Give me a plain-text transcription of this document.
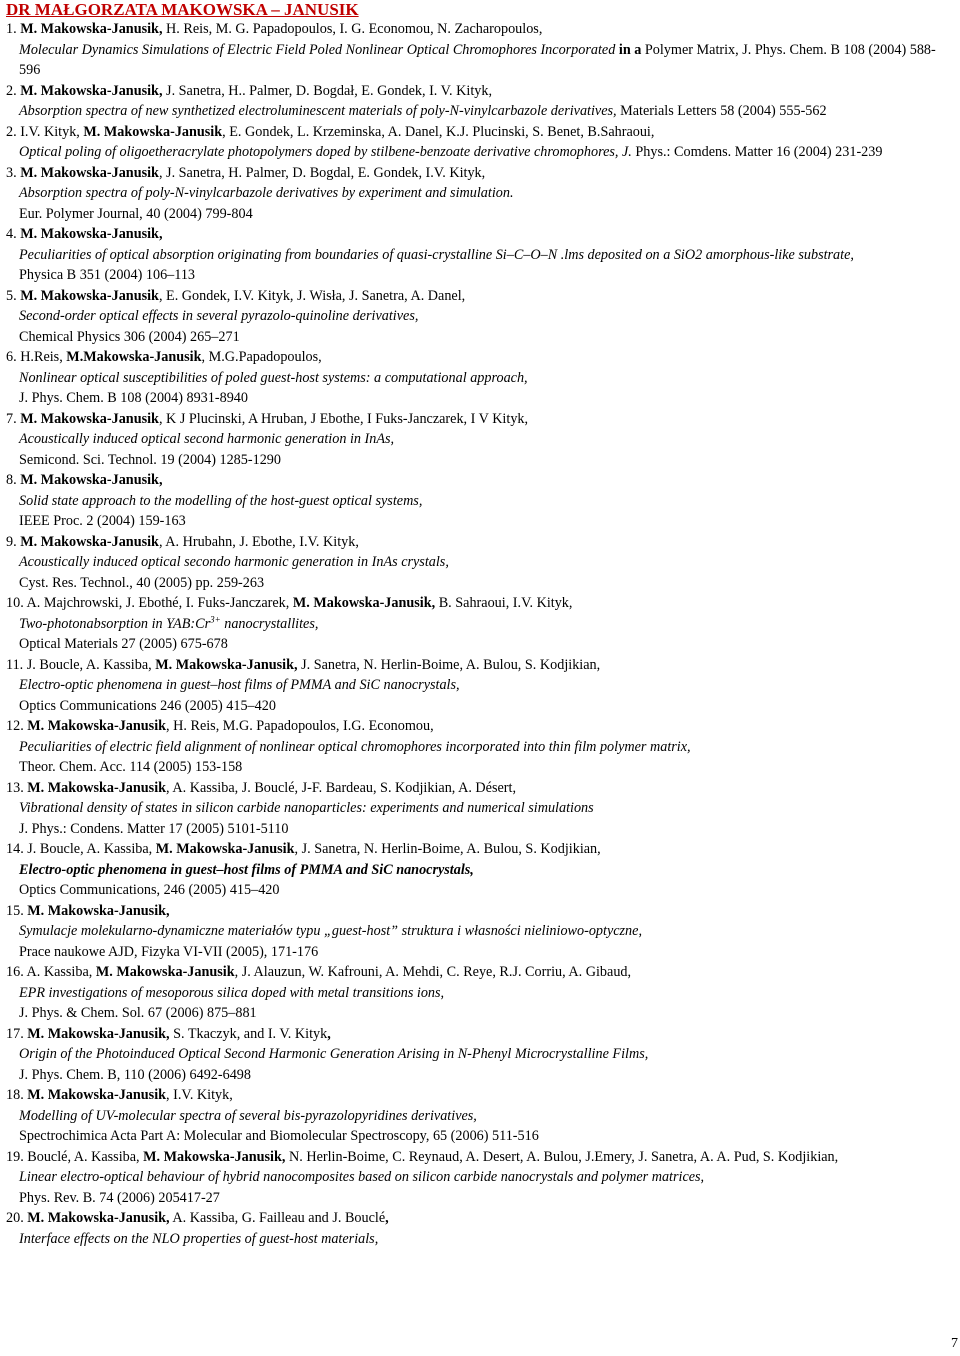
DR MAŁGORZATA MAKOWSKA – JANUSIK
1. M. Makowska-Janusik, H. Reis, M. G. Papadopoulos, I. G. Economou, N. Zacharopoulos,
Molecular Dynamics Simulations of Electric Field Poled Nonlinear Optical Chromophores Incorporated in a Polymer Matrix, J. Phys. Chem. B 108 (2004) 588-596
2. M. Makowska-Janusik, J. Sanetra, H.. Palmer, D. Bogdał, E. Gondek, I. V. Kityk,
Absorption spectra of new synthetized electroluminescent materials of poly-N-vinylcarbazole derivatives, Materials Letters 58 (2004) 555-562
2. I.V. Kityk, M. Makowska-Janusik, E. Gondek, L. Krzeminska, A. Danel, K.J. Plucinski, S. Benet, B.Sahraoui,
Optical poling of oligoetheracrylate photopolymers doped by stilbene-benzoate derivative chromophores, J. Phys.: Comdens. Matter 16 (2004) 231-239
3. M. Makowska-Janusik, J. Sanetra, H. Palmer, D. Bogdal, E. Gondek, I.V. Kityk,
Absorption spectra of poly-N-vinylcarbazole derivatives by experiment and simulation.
Eur. Polymer Journal, 40 (2004) 799-804
4. M. Makowska-Janusik,
Peculiarities of optical absorption originating from boundaries of quasi-crystalline Si–C–O–N .lms deposited on a SiO2 amorphous-like substrate,
Physica B 351 (2004) 106–113
5. M. Makowska-Janusik, E. Gondek, I.V. Kityk, J. Wisła, J. Sanetra, A. Danel,
Second-order optical effects in several pyrazolo-quinoline derivatives,
Chemical Physics 306 (2004) 265–271
6. H.Reis, M.Makowska-Janusik, M.G.Papadopoulos,
Nonlinear optical susceptibilities of poled guest-host systems: a computational approach,
J. Phys. Chem. B 108 (2004) 8931-8940
7. M. Makowska-Janusik, K J Plucinski, A Hruban, J Ebothe, I Fuks-Janczarek, I V Kityk,
Acoustically induced optical second harmonic generation in InAs,
Semicond. Sci. Technol. 19 (2004) 1285-1290
8. M. Makowska-Janusik,
Solid state approach to the modelling of the host-guest optical systems,
IEEE Proc. 2 (2004) 159-163
9. M. Makowska-Janusik, A. Hrubahn, J. Ebothe, I.V. Kityk,
Acoustically induced optical secondo harmonic generation in InAs crystals,
Cyst. Res. Technol., 40 (2005) pp. 259-263
10. A. Majchrowski, J. Ebothé, I. Fuks-Janczarek, M. Makowska-Janusik, B. Sahraoui, I.V. Kityk,
Two-photonabsorption in $YAB:Cr^{3+}$ nanocrystallites,
Optical Materials 27 (2005) 675-678
11. J. Boucle, A. Kassiba, M. Makowska-Janusik, J. Sanetra, N. Herlin-Boime, A. Bulou, S. Kodjikian,
Electro-optic phenomena in guest–host films of PMMA and SiC nanocrystals,
Optics Communications 246 (2005) 415–420
12. M. Makowska-Janusik, H. Reis, M.G. Papadopoulos, I.G. Economou,
Peculiarities of electric field alignment of nonlinear optical chromophores incorporated into thin film polymer matrix,
Theor. Chem. Acc. 114 (2005) 153-158
13. M. Makowska-Janusik, A. Kassiba, J. Bouclé, J-F. Bardeau, S. Kodjikian, A. Désert,
Vibrational density of states in silicon carbide nanoparticles: experiments and numerical simulations
J. Phys.: Condens. Matter 17 (2005) 5101-5110
14. J. Boucle, A. Kassiba, M. Makowska-Janusik, J. Sanetra, N. Herlin-Boime, A. Bulou, S. Kodjikian,
Electro-optic phenomena in guest–host films of PMMA and SiC nanocrystals,
Optics Communications, 246 (2005) 415–420
15. M. Makowska-Janusik,
Symulacje molekularno-dynamiczne materiałów typu „guest-host” struktura i własności nieliniowo-optyczne,
Prace naukowe AJD, Fizyka VI-VII (2005), 171-176
16. A. Kassiba, M. Makowska-Janusik, J. Alauzun, W. Kafrouni, A. Mehdi, C. Reye, R.J. Corriu, A. Gibaud,
EPR investigations of mesoporous silica doped with metal transitions ions,
J. Phys. & Chem. Sol. 67 (2006) 875–881
17. M. Makowska-Janusik, S. Tkaczyk, and I. V. Kityk,
Origin of the Photoinduced Optical Second Harmonic Generation Arising in N-Phenyl Microcrystalline Films,
J. Phys. Chem. B, 110 (2006) 6492-6498
18. M. Makowska-Janusik, I.V. Kityk,
Modelling of UV-molecular spectra of several bis-pyrazolopyridines derivatives,
Spectrochimica Acta Part A: Molecular and Biomolecular Spectroscopy, 65 (2006) 511-516
19. Bouclé, A. Kassiba, M. Makowska-Janusik, N. Herlin-Boime, C. Reynaud, A. Desert, A. Bulou, J.Emery, J. Sanetra, A. A. Pud, S. Kodjikian,
Linear electro-optical behaviour of hybrid nanocomposites based on silicon carbide nanocrystals and polymer matrices,
Phys. Rev. B. 74 (2006) 205417-27
20. M. Makowska-Janusik, A. Kassiba, G. Failleau and J. Bouclé,
Interface effects on the NLO properties of guest-host materials,
7
